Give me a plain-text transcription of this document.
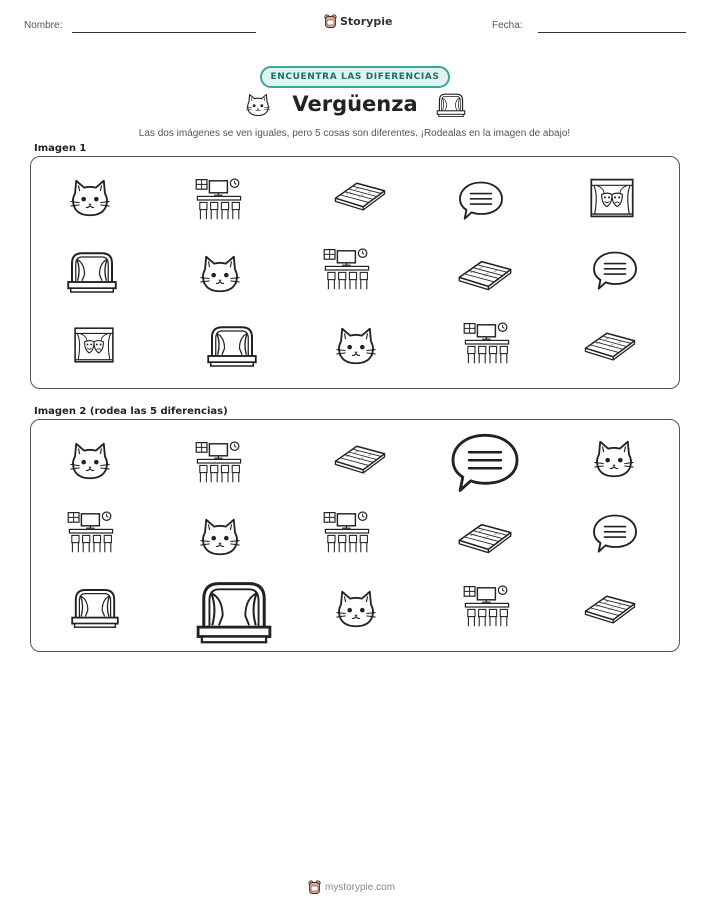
Nombre:	Storypie	Fecha:
ENCUENTRA LAS DIFERENCIAS
Vergüenza
Las dos imágenes se ven iguales, pero 5 cosas son diferentes. ¡Rodealas en la imagen de abajo!
Imagen 1
Imagen 2 (rodea las 5 diferencias)
mystorypie.com
